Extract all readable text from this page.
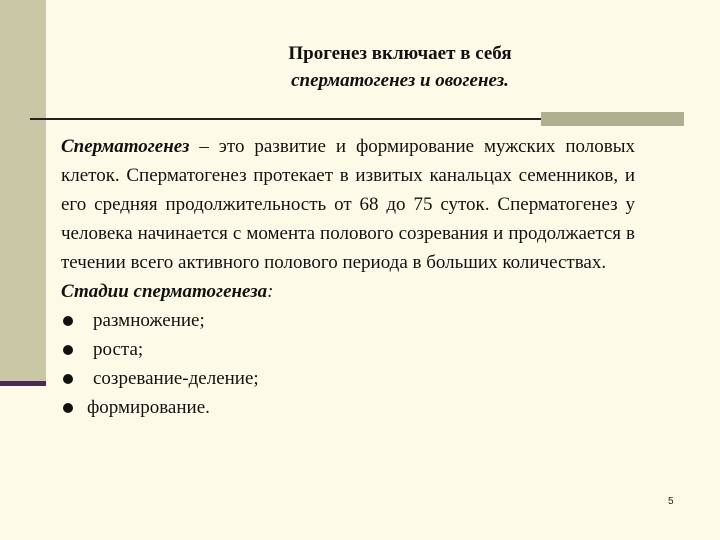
Прогенез включает в себя
сперматогенез и овогенез.

Сперматогенез – это развитие и формирование мужских половых клеток. Сперматогенез протекает в извитых канальцах семенников, и его средняя продолжительность от 68 до 75 суток. Сперматогенез у человека начинается с момента полового созревания и продолжается в течении всего активного полового периода в больших количествах.

Стадии сперматогенеза:

размножение;
роста;
созревание-деление;
формирование.
5
